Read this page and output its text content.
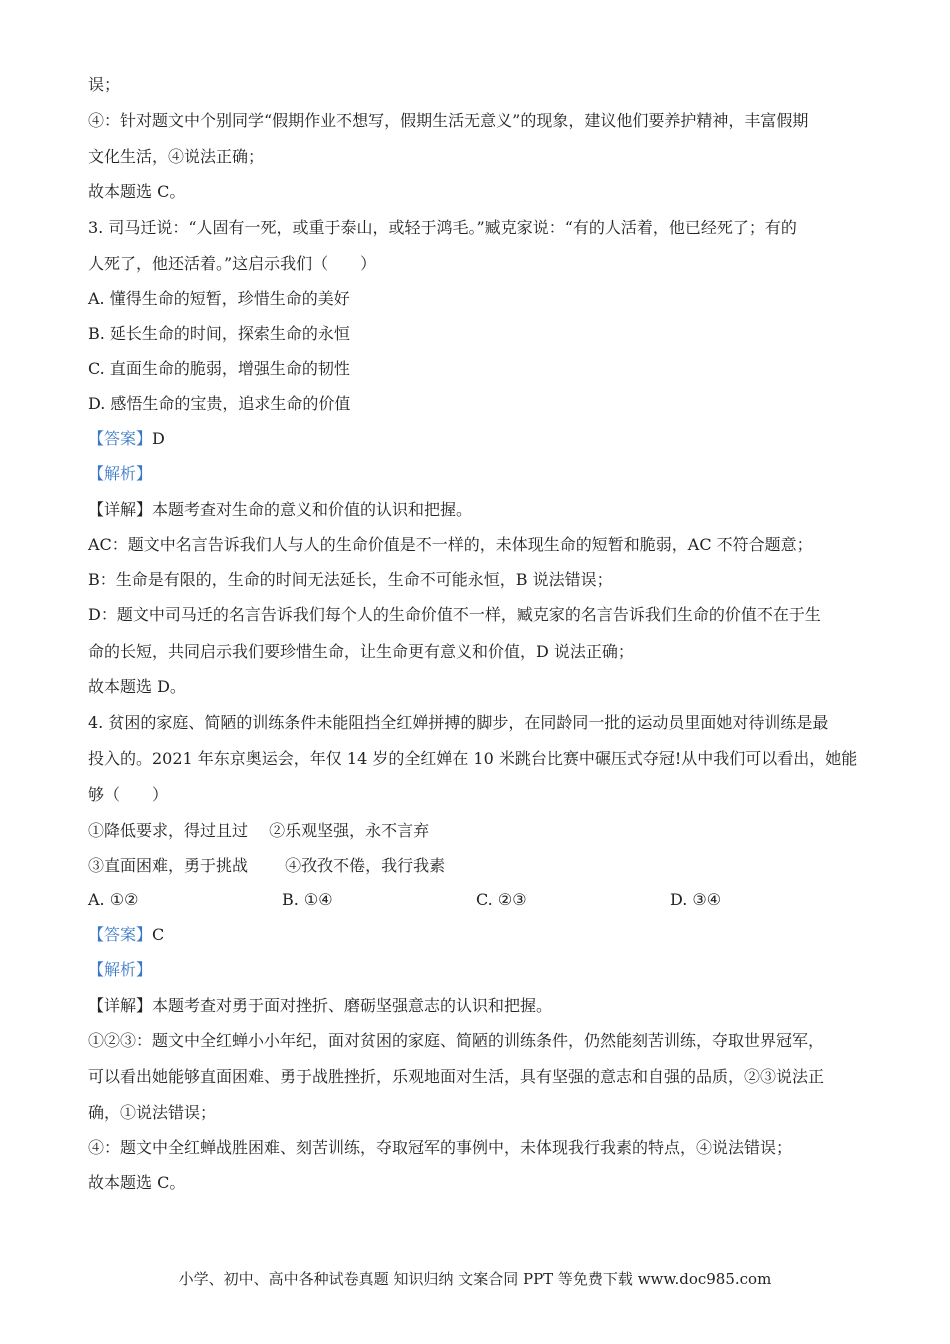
误；
④：针对题文中个别同学“假期作业不想写，假期生活无意义”的现象，建议他们要养护精神，丰富假期
文化生活，④说法正确；
故本题选 C。
3. 司马迁说：“人固有一死，或重于泰山，或轻于鸿毛。”臧克家说：“有的人活着，他已经死了；有的
人死了，他还活着。”这启示我们（　　）
A. 懂得生命的短暂，珍惜生命的美好
B. 延长生命的时间，探索生命的永恒
C. 直面生命的脆弱，增强生命的韧性
D. 感悟生命的宝贵，追求生命的价值
【答案】D
【解析】
【详解】本题考查对生命的意义和价值的认识和把握。
AC：题文中名言告诉我们人与人的生命价值是不一样的，未体现生命的短暂和脆弱，AC 不符合题意；
B：生命是有限的，生命的时间无法延长，生命不可能永恒，B 说法错误；
D：题文中司马迁的名言告诉我们每个人的生命价值不一样，臧克家的名言告诉我们生命的价值不在于生
命的长短，共同启示我们要珍惜生命，让生命更有意义和价值，D 说法正确；
故本题选 D。
4. 贫困的家庭、简陋的训练条件未能阻挡全红婵拼搏的脚步，在同龄同一批的运动员里面她对待训练是最
投入的。2021 年东京奥运会，年仅 14 岁的全红婵在 10 米跳台比赛中碾压式夺冠!从中我们可以看出，她能
够（　　）
①降低要求，得过且过　 ②乐观坚强，永不言弃
③直面困难，勇于挑战　　 ④孜孜不倦，我行我素
A. ①②	B. ①④	C. ②③	D. ③④
【答案】C
【解析】
【详解】本题考查对勇于面对挫折、磨砺坚强意志的认识和把握。
①②③：题文中全红蝉小小年纪，面对贫困的家庭、简陋的训练条件，仍然能刻苦训练，夺取世界冠军，
可以看出她能够直面困难、勇于战胜挫折，乐观地面对生活，具有坚强的意志和自强的品质，②③说法正
确，①说法错误；
④：题文中全红蝉战胜困难、刻苦训练，夺取冠军的事例中，未体现我行我素的特点，④说法错误；
故本题选 C。
小学、初中、高中各种试卷真题 知识归纳 文案合同 PPT 等免费下载 www.doc985.com
